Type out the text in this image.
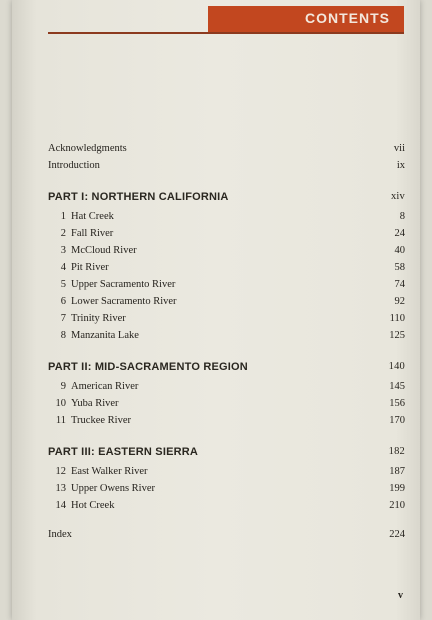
CONTENTS
Acknowledgments	vii
Introduction	ix
PART I: NORTHERN CALIFORNIA	xiv
1 Hat Creek	8
2 Fall River	24
3 McCloud River	40
4 Pit River	58
5 Upper Sacramento River	74
6 Lower Sacramento River	92
7 Trinity River	110
8 Manzanita Lake	125
PART II: MID-SACRAMENTO REGION	140
9 American River	145
10 Yuba River	156
11 Truckee River	170
PART III: EASTERN SIERRA	182
12 East Walker River	187
13 Upper Owens River	199
14 Hot Creek	210
Index	224
v
